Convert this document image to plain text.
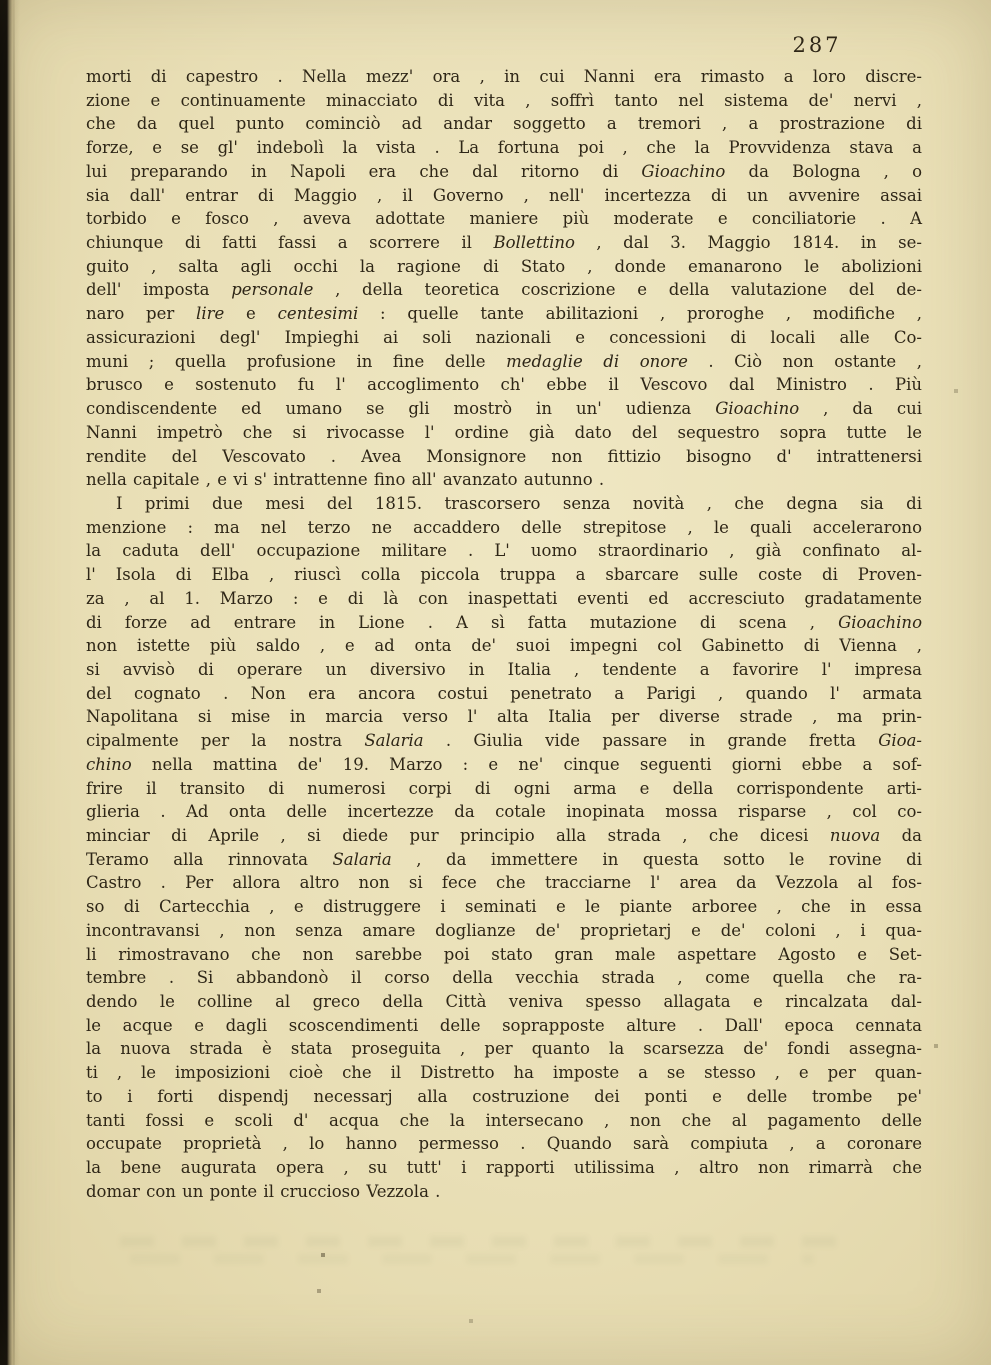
287
morti di capestro . Nella mezz' ora , in cui Nanni era rimasto a loro discre-
zione e continuamente minacciato di vita , soffrì tanto nel sistema de' nervi ,
che da quel punto cominciò ad andar soggetto a tremori , a prostrazione di
forze, e se gl' indebolì la vista . La fortuna poi , che la Provvidenza stava a
lui preparando in Napoli era che dal ritorno di Gioachino da Bologna , o
sia dall' entrar di Maggio , il Governo , nell' incertezza di un avvenire assai
torbido e fosco , aveva adottate maniere più moderate e conciliatorie . A
chiunque di fatti fassi a scorrere il Bollettino , dal 3. Maggio 1814. in se-
guito , salta agli occhi la ragione di Stato , donde emanarono le abolizioni
dell' imposta personale , della teoretica coscrizione e della valutazione del de-
naro per lire e centesimi : quelle tante abilitazioni , proroghe , modifiche ,
assicurazioni degl' Impieghi ai soli nazionali e concessioni di locali alle Co-
muni ; quella profusione in fine delle medaglie di onore . Ciò non ostante ,
brusco e sostenuto fu l' accoglimento ch' ebbe il Vescovo dal Ministro . Più
condiscendente ed umano se gli mostrò in un' udienza Gioachino , da cui
Nanni impetrò che si rivocasse l' ordine già dato del sequestro sopra tutte le
rendite del Vescovato . Avea Monsignore non fittizio bisogno d' intrattenersi
nella capitale , e vi s' intrattenne fino all' avanzato autunno .
I primi due mesi del 1815. trascorsero senza novità , che degna sia di
menzione : ma nel terzo ne accaddero delle strepitose , le quali accelerarono
la caduta dell' occupazione militare . L' uomo straordinario , già confinato al-
l' Isola di Elba , riuscì colla piccola truppa a sbarcare sulle coste di Proven-
za , al 1. Marzo : e di là con inaspettati eventi ed accresciuto gradatamente
di forze ad entrare in Lione . A sì fatta mutazione di scena , Gioachino
non istette più saldo , e ad onta de' suoi impegni col Gabinetto di Vienna ,
si avvisò di operare un diversivo in Italia , tendente a favorire l' impresa
del cognato . Non era ancora costui penetrato a Parigi , quando l' armata
Napolitana si mise in marcia verso l' alta Italia per diverse strade , ma prin-
cipalmente per la nostra Salaria . Giulia vide passare in grande fretta Gioa-
chino nella mattina de' 19. Marzo : e ne' cinque seguenti giorni ebbe a sof-
frire il transito di numerosi corpi di ogni arma e della corrispondente arti-
glieria . Ad onta delle incertezze da cotale inopinata mossa risparse , col co-
minciar di Aprile , si diede pur principio alla strada , che dicesi nuova da
Teramo alla rinnovata Salaria , da immettere in questa sotto le rovine di
Castro . Per allora altro non si fece che tracciarne l' area da Vezzola al fos-
so di Cartecchia , e distruggere i seminati e le piante arboree , che in essa
incontravansi , non senza amare doglianze de' proprietarj e de' coloni , i qua-
li rimostravano che non sarebbe poi stato gran male aspettare Agosto e Set-
tembre . Si abbandonò il corso della vecchia strada , come quella che ra-
dendo le colline al greco della Città veniva spesso allagata e rincalzata dal-
le acque e dagli scoscendimenti delle soprapposte alture . Dall' epoca cennata
la nuova strada è stata proseguita , per quanto la scarsezza de' fondi assegna-
ti , le imposizioni cioè che il Distretto ha imposte a se stesso , e per quan-
to i forti dispendj necessarj alla costruzione dei ponti e delle trombe pe'
tanti fossi e scoli d' acqua che la intersecano , non che al pagamento delle
occupate proprietà , lo hanno permesso . Quando sarà compiuta , a coronare
la bene augurata opera , su tutt' i rapporti utilissima , altro non rimarrà che
domar con un ponte il cruccioso Vezzola .
